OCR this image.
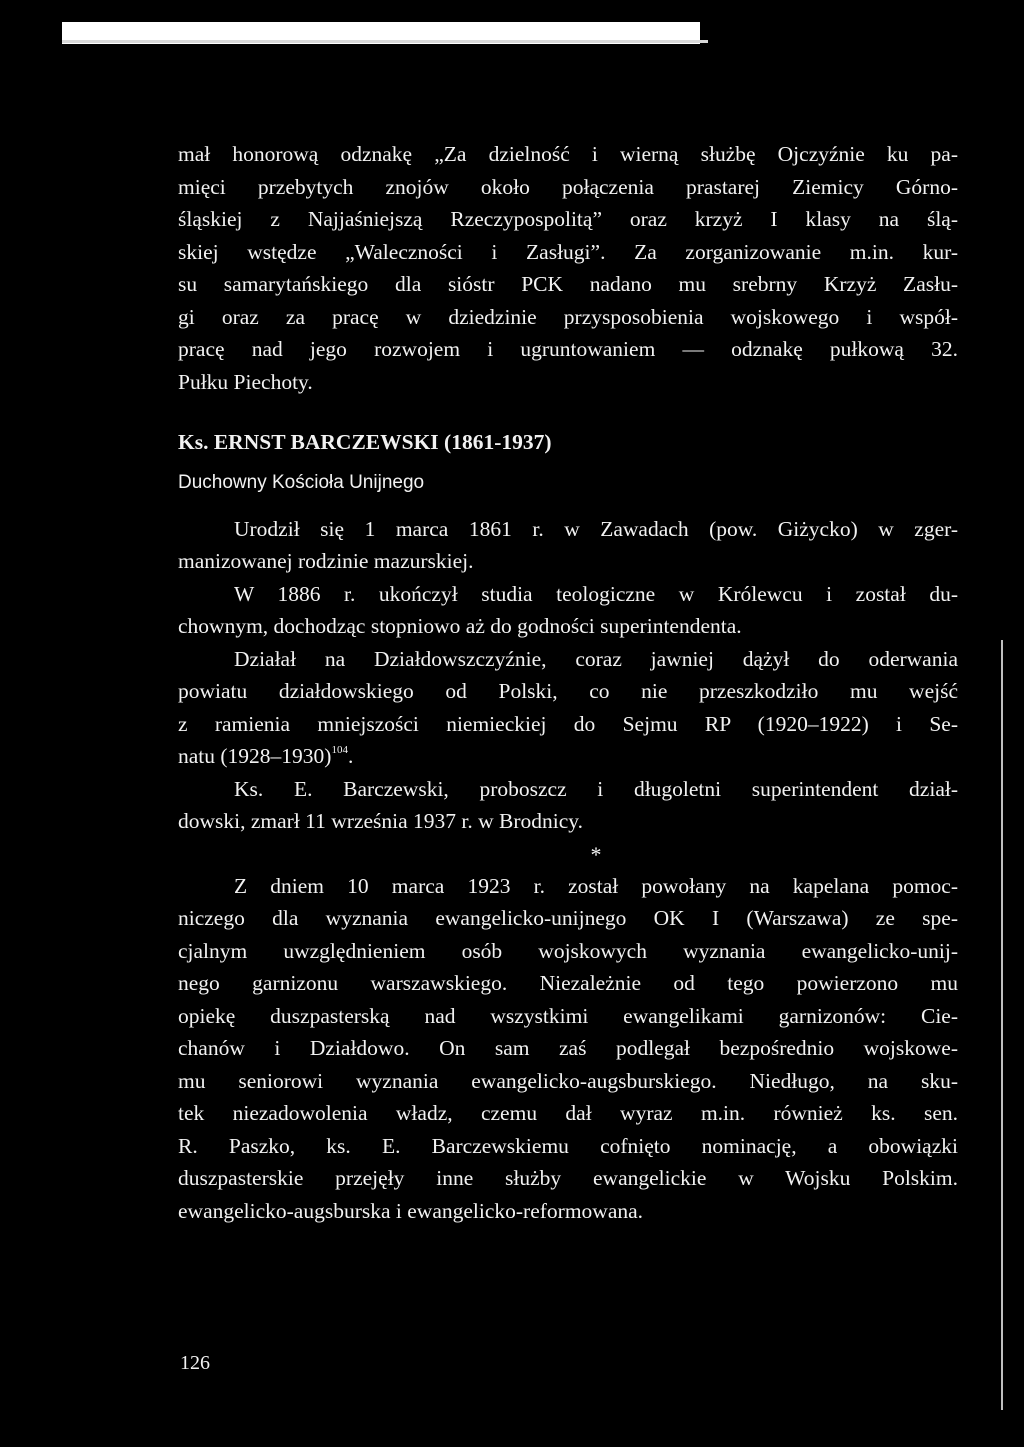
mał honorową odznakę „Za dzielność i wierną służbę Ojczyźnie ku pa-
mięci przebytych znojów około połączenia prastarej Ziemicy Górno-
śląskiej z Najjaśniejszą Rzeczypospolitą” oraz krzyż I klasy na ślą-
skiej wstędze „Waleczności i Zasługi”. Za zorganizowanie m.in. kur-
su samarytańskiego dla sióstr PCK nadano mu srebrny Krzyż Zasłu-
gi oraz za pracę w dziedzinie przysposobienia wojskowego i współ-
pracę nad jego rozwojem i ugruntowaniem — odznakę pułkową 32.
Pułku Piechoty.
Ks. ERNST BARCZEWSKI (1861-1937)
Duchowny Kościoła Unijnego
Urodził się 1 marca 1861 r. w Zawadach (pow. Giżycko) w zger-
manizowanej rodzinie mazurskiej.
W 1886 r. ukończył studia teologiczne w Królewcu i został du-
chownym, dochodząc stopniowo aż do godności superintendenta.
Działał na Działdowszczyźnie, coraz jawniej dążył do oderwania
powiatu działdowskiego od Polski, co nie przeszkodziło mu wejść
z ramienia mniejszości niemieckiej do Sejmu RP (1920–1922) i Se-
natu (1928–1930)$^{104}$.
Ks. E. Barczewski, proboszcz i długoletni superintendent dział-
dowski, zmarł 11 września 1937 r. w Brodnicy.
*
Z dniem 10 marca 1923 r. został powołany na kapelana pomoc-
niczego dla wyznania ewangelicko-unijnego OK I (Warszawa) ze spe-
cjalnym uwzględnieniem osób wojskowych wyznania ewangelicko-unij-
nego garnizonu warszawskiego. Niezależnie od tego powierzono mu
opiekę duszpasterską nad wszystkimi ewangelikami garnizonów: Cie-
chanów i Działdowo. On sam zaś podlegał bezpośrednio wojskowe-
mu seniorowi wyznania ewangelicko-augsburskiego. Niedługo, na sku-
tek niezadowolenia władz, czemu dał wyraz m.in. również ks. sen.
R. Paszko, ks. E. Barczewskiemu cofnięto nominację, a obowiązki
duszpasterskie przejęły inne służby ewangelickie w Wojsku Polskim.
ewangelicko-augsburska i ewangelicko-reformowana.
126
